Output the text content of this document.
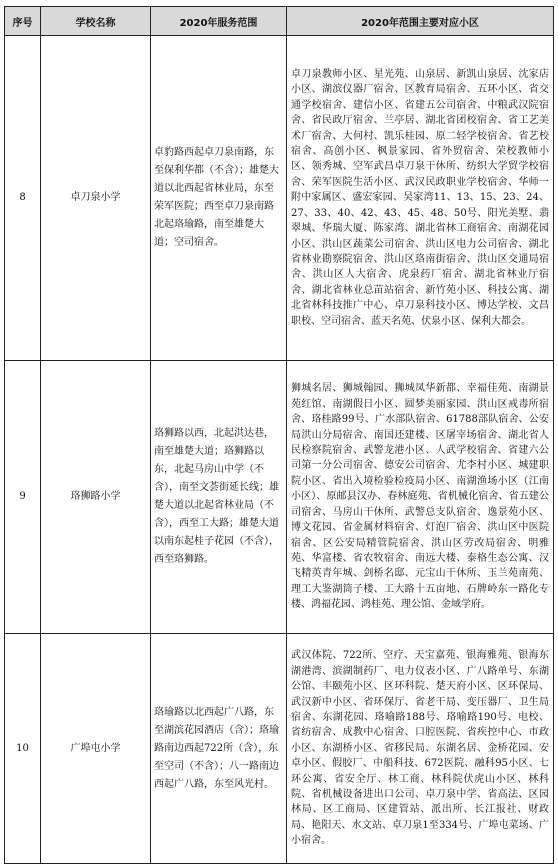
序号	学校名称	2020年服务范围	2020年范围主要对应小区
8	卓刀泉小学	卓豹路西起卓刀泉南路，东至保利华都（不含）；雄楚大道以北西起省林业局，东至荣军医院；西至卓刀泉南路北起珞瑜路，南至雄楚大道；空司宿舍。	卓刀泉教师小区、星光苑、山泉居、新凯山泉居、沈家店小区、湖滨仪器厂宿舍、区教育局宿舍、五环小区、省交通学校宿舍、建信小区、省建五公司宿舍、中粮武汉院宿舍、省民政厅宿舍、兰亭居、湖北省团校宿舍、省工艺美术厂宿舍、大何村、凯乐桂园、原二轻学校宿舍、省艺校宿舍、高创小区、枫景家园、省外贸宿舍、荣校教师小区、领秀城、空军武昌卓刀泉干休所、纺织大学贸学校宿舍、荣军医院生活小区、武汉民政职业学校宿舍、华师一附中家属区、盛宏家园、吴家湾11、13、15、23、24、27、33、40、42、43、45、48、50号、阳光美墅、翡翠城、华瑞大厦、陈家湾、湖北省林工商宿舍、南湖花园小区、洪山区蔬菜公司宿舍、洪山区电力公司宿舍、湖北省林业勘察院宿舍、洪山区珞南街宿舍、洪山区交通局宿舍、洪山区人大宿舍、虎泉药厂宿舍、湖北省林业厅宿舍、湖北省林业总苗站宿舍、新竹苑小区、科技公寓、湖北省林科技推广中心、卓刀泉科技小区、博达学校、文昌职校、空司宿舍、蓝天名苑、伏泉小区、保利大都会。
9	珞狮路小学	珞狮路以西，北起洪达巷，南至雄楚大道；珞狮路以东，北起马房山中学（不含），南至文荟街延长线；雄楚大道以北起省林业局（不含），西至工大路；雄楚大道以南东起桂子花园（不含），西至珞狮路。	狮城名居、狮城翰园、狮城凤华新都、幸福佳苑、南湖景苑红馆、南湖假日小区、圆梦美丽家园、洪山区戒毒所宿舍、珞桂路99号、广水部队宿舍、61788部队宿舍、公安局洪山分局宿舍、南国还建楼、区屠宰场宿舍、湖北省人民检察院宿舍、武警龙港小区、人武学校宿舍、省建六公司第一分公司宿舍、德安公司宿舍、尤李村小区、城建职院小区、省出入境检验检疫局小区、南湖渔场小区（江南小区）、原邮县汉办、春林庭苑、省机械化宿舍、省五建公司宿舍、马房山干休所、武警总支队宿舍、逸景苑小区、博文花园、省金属材料宿舍、灯泡厂宿舍、洪山区中医院宿舍、区公安局精管院宿舍、洪山区劳改局宿舍、明雅苑、华富楼、省农牧宿舍、南远大楼、泰格生态公寓、汉飞精英青年城、剑桥名邸、元宝山干休所、玉兰苑南苑、理工大鉴湖筒子楼、工大路十五亩地、石牌岭东一路化专楼、鸿福花园、鸿桂苑、理公馆、金域学府。
10	广埠屯小学	珞瑜路以北西起广八路，东至湖滨花园酒店（含）；珞瑜路南边西起722所（含），东至空司（不含）；八一路南边西起广八路，东至风光村。	武汉体院、722所、空疗、天宝嘉苑、银海雅苑、银海东湖港湾、滨湖制药厂、电力仪表小区、广八路单号、东湖公馆、丰颐苑小区、区环科院、楚天府小区、区环保局、武汉新中小区、省环保厅、省老干局、变压器厂、卫生局宿舍、东湖花园、珞喻路188号、珞喻路190号、电校、省纺宿舍、成教中心宿舍、口腔医院、省疾控中心、市政小区、东湖桥小区、省移民局、东湖名居、金桥花园、安卓小区、假胶厂、中船科技、672医院、融科95小区、七环公寓、省安全厅、林工商、林科院伏虎山小区、林科院、省机械设备进出口公司、卓刀泉中学、省高法、区园林局、区工商局、区建管站、派出所、长江报社、财政局、艳阳天、水文站、卓刀泉1至334号、广埠屯菜场、广小宿舍。
